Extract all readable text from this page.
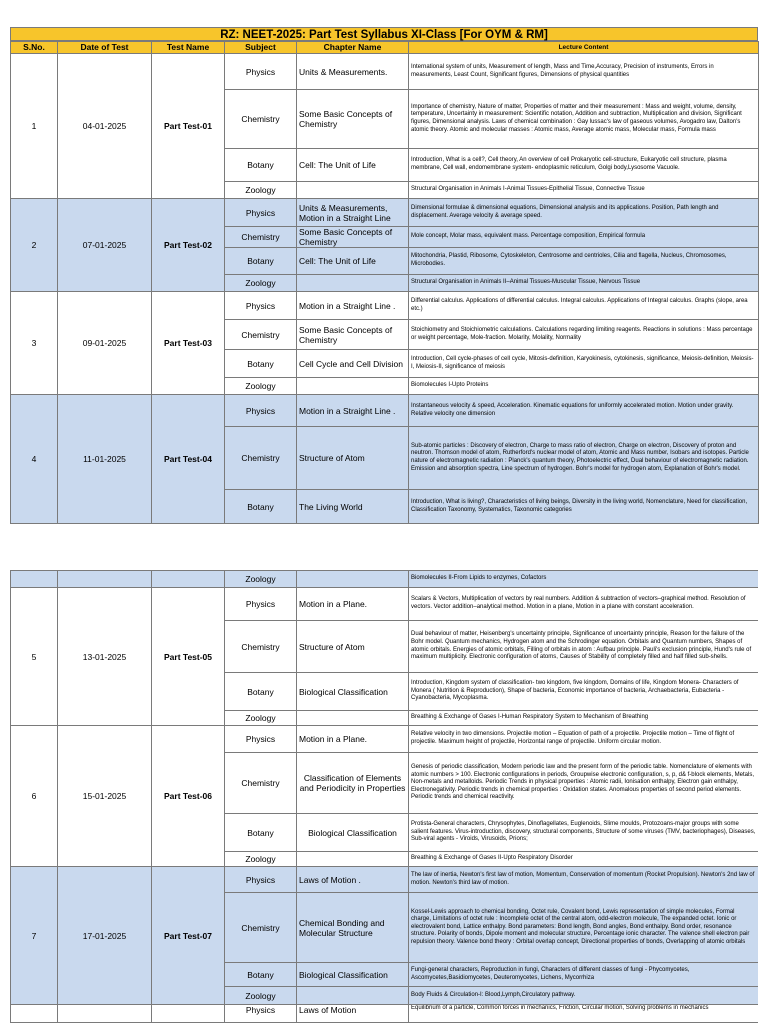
RZ: NEET-2025: Part Test Syllabus XI-Class [For OYM & RM]
S.No.	Date of Test	Test Name	Subject	Chapter Name	Lecture Content
1	04-01-2025	Part Test-01	Physics	Units & Measurements.	International system of units, Measurement of length, Mass and Time,Accuracy, Precision of instruments, Errors in measurements, Least Count, Significant figures, Dimensions of physical quantities
			Chemistry	Some Basic Concepts of Chemistry	Importance of chemistry, Nature of matter, Properties of matter and their measurement : Mass and weight, volume, density, temperature, Uncertainty in measurement: Scientific notation, Addition and subtraction, Multiplication and division, Significant figures, Dimensional analysis. Laws of chemical combination : Gay lussac's law of gaseous volumes, Avogadro law, Dalton's atomic theory. Atomic and molecular masses : Atomic mass, Average atomic mass, Molecular mass, Formula mass
			Botany	Cell: The Unit of Life	Introduction, What is a cell?, Cell theory, An overview of cell Prokaryotic cell-structure, Eukaryotic cell structure, plasma membrane, Cell wall, endomembrane system- endoplasmic reticulum, Golgi body,Lysosome Vacuole.
			Zoology		Structural Organisation in Animals I-Animal Tissues-Epithelial Tissue, Connective Tissue
2	07-01-2025	Part Test-02	Physics	Units & Measurements, Motion in a Straight Line	Dimensional formulae & dimensional equations, Dimensional analysis and its applications. Position, Path length and displacement. Average velocity & average speed.
			Chemistry	Some Basic Concepts of Chemistry	Mole concept, Molar mass, equivalent mass. Percentage composition, Empirical formula
			Botany	Cell: The Unit of Life	Mitochondria, Plastid, Ribosome, Cytoskeleton, Centrosome and centrioles, Cilia and flagella, Nucleus, Chromosomes, Microbodies.
			Zoology		Structural Organisation in Animals II–Animal Tissues-Muscular Tissue, Nervous Tissue
3	09-01-2025	Part Test-03	Physics	Motion in a Straight Line .	Differential calculus. Applications of differential calculus. Integral calculus. Applications of Integral calculus. Graphs (slope, area etc.)
			Chemistry	Some Basic Concepts of Chemistry	Stoichiometry and Stoichiometric calculations. Calculations regarding limiting reagents. Reactions in solutions : Mass percentage or weight percentage, Mole-fraction. Molarity, Molality, Normality
			Botany	Cell Cycle and Cell Division	Introduction, Cell cycle-phases of cell cycle, Mitosis-definition, Karyokinesis, cytokinesis, significance, Meiosis-definition, Meiosis-I, Meiosis-II, significance of meiosis
			Zoology		Biomolecules I-Upto Proteins
4	11-01-2025	Part Test-04	Physics	Motion in a Straight Line .	Instantaneous velocity & speed, Acceleration. Kinematic equations for uniformly accelerated motion. Motion under gravity. Relative velocity one dimension
			Chemistry	Structure of Atom	Sub-atomic particles : Discovery of electron, Charge to mass ratio of electron, Charge on electron, Discovery of proton and neutron. Thomson model of atom, Rutherford's nuclear model of atom, Atomic and Mass number, Isobars and isotopes. Particle nature of electromagnetic radiation : Planck's quantum theory, Photoelectric effect, Dual behaviour of electromagnetic radiation. Emission and absorption spectra, Line spectrum of hydrogen. Bohr's model for hydrogen atom, Explanation of Bohr's model.
			Botany	The Living World	Introduction, What is living?, Characteristics of living beings, Diversity in the living world, Nomenclature, Need for classification, Classification Taxonomy, Systematics, Taxonomic categories
			Zoology		Biomolecules II-From Lipids to enzymes, Cofactors
5	13-01-2025	Part Test-05	Physics	Motion in a Plane.	Scalars & Vectors, Multiplication of vectors by real numbers. Addition & subtraction of vectors–graphical method. Resolution of vectors. Vector addition–analytical method. Motion in a plane, Motion in a plane with constant acceleration.
			Chemistry	Structure of Atom	Dual behaviour of matter, Heisenberg's uncertainty principle, Significance of uncertainty principle, Reason for the failure of the Bohr model. Quantum mechanics, Hydrogen atom and the Schrodinger equation. Orbitals and Quantum numbers, Shapes of atomic orbitals. Energies of atomic orbitals, Filling of orbitals in atom : Aufbau principle. Pauli's exclusion principle, Hund's rule of maximum multiplicity. Electronic configuration of atoms, Causes of Stability of completely filled and half filled sub-shells.
			Botany	Biological Classification	Introduction, Kingdom system of classification- two kingdom, five kingdom, Domains of life, Kingdom Monera- Characters of Monera ( Nutrition & Reproduction), Shape of bacteria, Economic importance of bacteria, Archaebacteria, Eubacteria - Cyanobacteria, Mycoplasma.
			Zoology		Breathing & Exchange of Gases I-Human Respiratory System to Mechanism of Breathing
6	15-01-2025	Part Test-06	Physics	Motion in a Plane.	Relative velocity in two dimensions. Projectile motion – Equation of path of a projectile. Projectile motion – Time of flight of projectile. Maximum height of projectile, Horizontal range of projectile. Uniform circular motion.
			Chemistry	Classification of Elements and Periodicity in Properties	Genesis of periodic classification, Modern periodic law and the present form of the periodic table. Nomenclature of elements with atomic numbers > 100. Electronic configurations in periods, Groupwise electronic configuration, s, p, d& f-block elements, Metals, Non-metals and metalloids. Periodic Trends in physical properties : Atomic radii, Ionisation enthalpy, Electron gain enthalpy, Electronegativity. Periodic trends in chemical properties : Oxidation states. Anomalous properties of second period elements. Periodic trends and chemical reactivity.
			Botany	Biological Classification	Protista-General characters, Chrysophytes, Dinoflagellates, Euglenoids, Slime moulds, Protozoans-major groups with some salient features. Virus-introduction, discovery, structural components, Structure of some viruses (TMV, bacteriophages), Diseases, Sub-viral agents - Viroids, Virusoids, Prions;
			Zoology		Breathing & Exchange of Gases II-Upto Respiratory Disorder
7	17-01-2025	Part Test-07	Physics	Laws of Motion .	The law of inertia, Newton's first law of motion, Momentum, Conservation of momentum (Rocket Propulsion). Newton's 2nd law of motion. Newton's third law of motion.
			Chemistry	Chemical Bonding and Molecular Structure	Kossel-Lewis approach to chemical bonding, Octet rule, Covalent bond, Lewis representation of simple molecules, Formal charge, Limitations of octet rule : Incomplete octet of the central atom, odd-electron molecule, The expanded octet. Ionic or electrovalent bond, Lattice enthalpy. Bond parameters: Bond length, Bond angles, Bond enthalpy. Bond order, resonance structure. Polarity of bonds, Dipole moment and molecular structure, Percentage ionic character. The valence shell electron pair repulsion theory. Valence bond theory : Orbital overlap concept, Directional properties of bonds, Overlapping of atomic orbitals
			Botany	Biological Classification	Fungi-general characters, Reproduction in fungi, Characters of different classes of fungi - Phycomycetes, Ascomycetes,Basidiomycetes, Deuteromycetes, Lichens, Mycorrhiza
			Zoology		Body Fluids & Circulation-I: Blood,Lymph,Circulatory pathway.
			Physics	Laws of Motion	Equilibrium of a particle, Common forces in mechanics, Friction, Circular motion, Solving problems in mechanics
